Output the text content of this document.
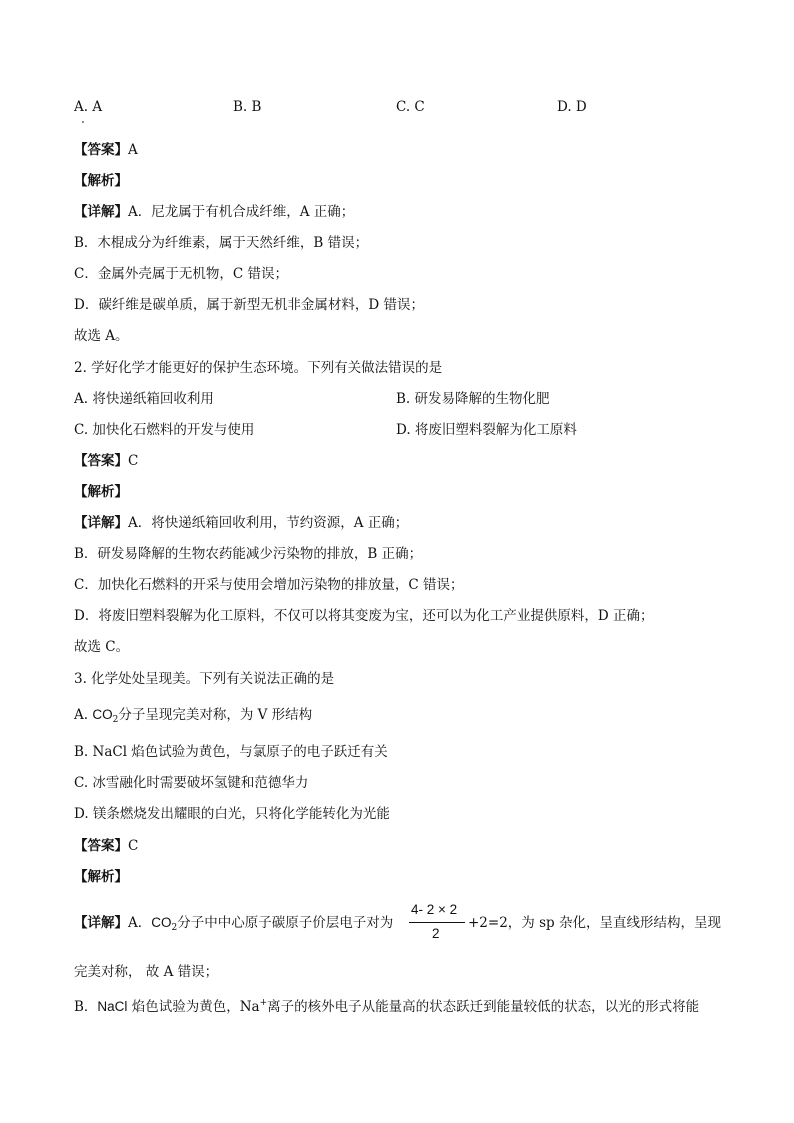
A. A	B. B	C. C	D. D
【答案】A
【解析】
【详解】A．尼龙属于有机合成纤维，A 正确；
B．木棍成分为纤维素，属于天然纤维，B 错误；
C．金属外壳属于无机物，C 错误；
D．碳纤维是碳单质，属于新型无机非金属材料，D 错误；
故选 A。
2. 学好化学才能更好的保护生态环境。下列有关做法错误的是
A. 将快递纸箱回收利用	B. 研发易降解的生物化肥
C. 加快化石燃料的开发与使用	D. 将废旧塑料裂解为化工原料
【答案】C
【解析】
【详解】A．将快递纸箱回收利用，节约资源，A 正确；
B．研发易降解的生物农药能减少污染物的排放，B 正确；
C．加快化石燃料的开采与使用会增加污染物的排放量，C 错误；
D．将废旧塑料裂解为化工原料，不仅可以将其变废为宝，还可以为化工产业提供原料，D 正确；
故选 C。
3. 化学处处呈现美。下列有关说法正确的是
A. $CO_2$分子呈现完美对称，为 V 形结构
B. NaCl 焰色试验为黄色，与氯原子的电子跃迁有关
C. 冰雪融化时需要破坏氢键和范德华力
D. 镁条燃烧发出耀眼的白光，只将化学能转化为光能
【答案】C
【解析】
【详解】A．$CO_2$分子中中心原子碳原子价层电子对为
4- 2 × 2
2
+2=2，为 sp 杂化，呈直线形结构，呈现
完美对称， 故 A 错误；
B．NaCl 焰色试验为黄色，Na+离子的核外电子从能量高的状态跃迁到能量较低的状态，以光的形式将能
